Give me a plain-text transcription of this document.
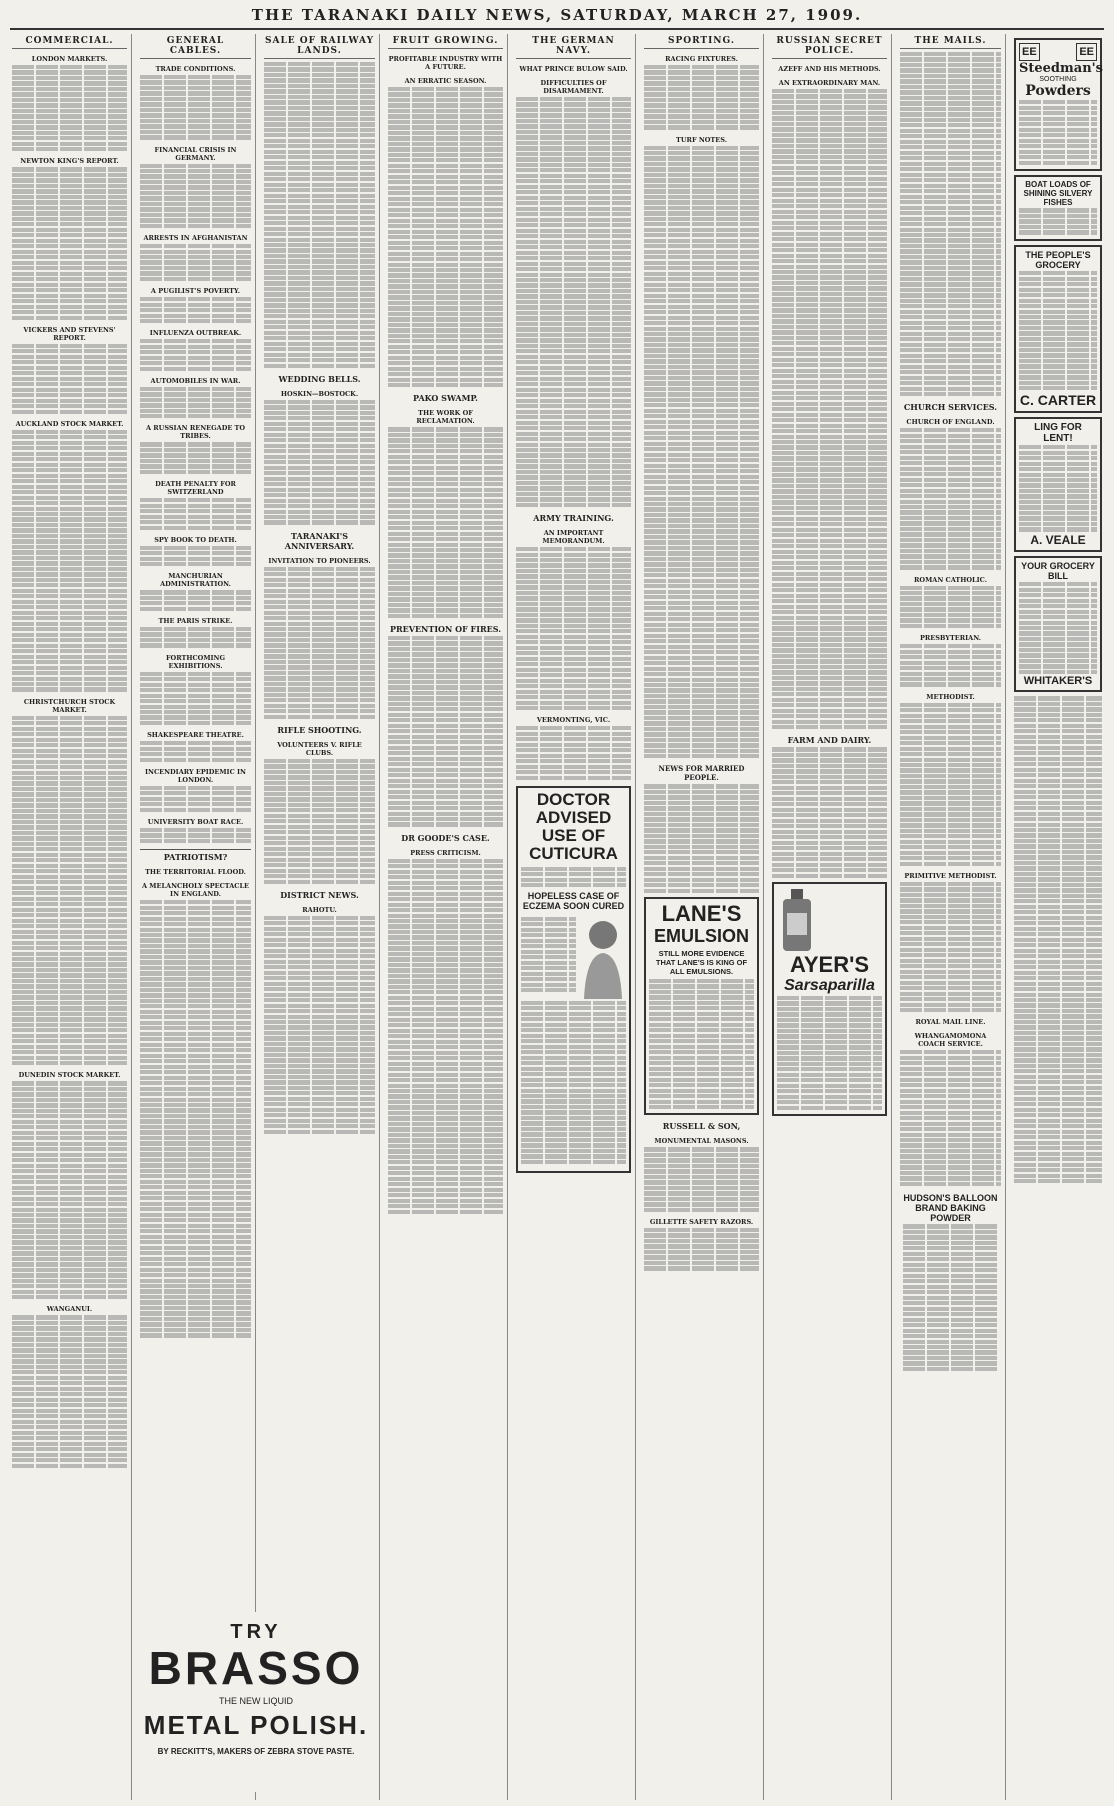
THE TARANAKI DAILY NEWS, SATURDAY, MARCH 27, 1909.
COMMERCIAL.
LONDON MARKETS.
NEWTON KING'S REPORT.
VICKERS AND STEVENS' REPORT.
AUCKLAND STOCK MARKET.
CHRISTCHURCH STOCK MARKET.
DUNEDIN STOCK MARKET.
WANGANUI.
GENERAL CABLES.
TRADE CONDITIONS.
FINANCIAL CRISIS IN GERMANY.
ARRESTS IN AFGHANISTAN
A PUGILIST'S POVERTY.
INFLUENZA OUTBREAK.
AUTOMOBILES IN WAR.
A RUSSIAN RENEGADE TO TRIBES.
DEATH PENALTY FOR SWITZERLAND
SPY BOOK TO DEATH.
MANCHURIAN ADMINISTRATION.
THE PARIS STRIKE.
FORTHCOMING EXHIBITIONS.
SHAKESPEARE THEATRE.
INCENDIARY EPIDEMIC IN LONDON.
UNIVERSITY BOAT RACE.
PATRIOTISM?
THE TERRITORIAL FLOOD.
A MELANCHOLY SPECTACLE IN ENGLAND.
SALE OF RAILWAY LANDS.
WEDDING BELLS.
HOSKIN—BOSTOCK.
TARANAKI'S ANNIVERSARY.
INVITATION TO PIONEERS.
RIFLE SHOOTING.
VOLUNTEERS V. RIFLE CLUBS.
DISTRICT NEWS.
RAHOTU.
TRY
BRASSO
THE NEW LIQUID
METAL POLISH.
BY RECKITT'S, MAKERS OF ZEBRA STOVE PASTE.
FRUIT GROWING.
PROFITABLE INDUSTRY WITH A FUTURE.
AN ERRATIC SEASON.
PAKO SWAMP.
THE WORK OF RECLAMATION.
PREVENTION OF FIRES.
DR GOODE'S CASE.
PRESS CRITICISM.
THE GERMAN NAVY.
WHAT PRINCE BULOW SAID.
DIFFICULTIES OF DISARMAMENT.
ARMY TRAINING.
AN IMPORTANT MEMORANDUM.
VERMONTING, VIC.
DOCTOR ADVISED
USE OF CUTICURA
HOPELESS CASE OF ECZEMA SOON CURED
SPORTING.
RACING FIXTURES.
TURF NOTES.
NEWS FOR MARRIED PEOPLE.
LANE'S
EMULSION
STILL MORE EVIDENCE THAT LANE'S IS KING OF ALL EMULSIONS.
RUSSELL & SON,
MONUMENTAL MASONS.
GILLETTE SAFETY RAZORS.
RUSSIAN SECRET POLICE.
AZEFF AND HIS METHODS.
AN EXTRAORDINARY MAN.
FARM AND DAIRY.
AYER'S
Sarsaparilla
THE MAILS.
CHURCH SERVICES.
CHURCH OF ENGLAND.
ROMAN CATHOLIC.
PRESBYTERIAN.
METHODIST.
PRIMITIVE METHODIST.
ROYAL MAIL LINE.
WHANGAMOMONA COACH SERVICE.
HUDSON'S BALLOON BRAND BAKING POWDER
EE	EE
Steedman's
SOOTHING
Powders
BOAT LOADS OF SHINING SILVERY FISHES
THE PEOPLE'S GROCERY
C. CARTER
LING FOR LENT!
A. VEALE
YOUR GROCERY BILL
WHITAKER'S
